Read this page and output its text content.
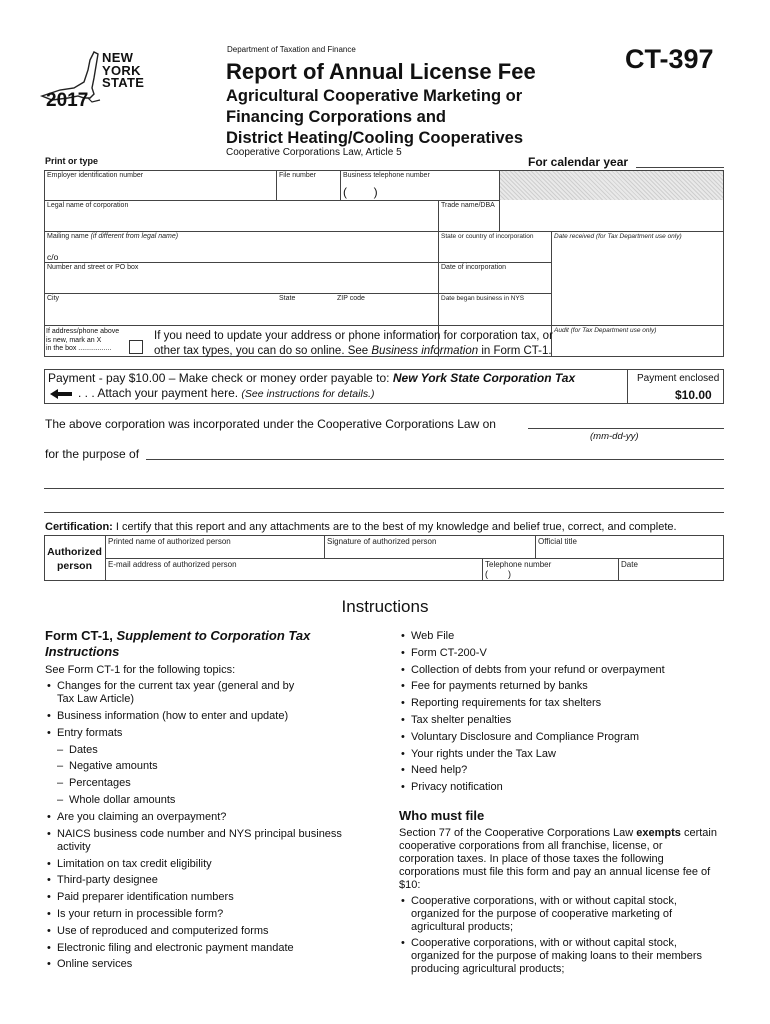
NEW
YORK
STATE
2017
Department of Taxation and Finance
Report of Annual License Fee
Agricultural Cooperative Marketing or
Financing Corporations and
District Heating/Cooling Cooperatives
Cooperative Corporations Law, Article 5
CT-397
Print or type	For calendar year
Employer identification number	File number	Business telephone number
(        )
Legal name of corporation	Trade name/DBA
Mailing name (if different from legal name)
c/o
State or country of incorporation	Date received (for Tax Department use only)
Number and street or PO box	Date of incorporation
City	State	ZIP code	Date began business in NYS
Audit (for Tax Department use only)
If address/phone above
is new, mark an X
in the box .................
If you need to update your address or phone information for corporation tax, or
other tax types, you can do so online. See Business information in Form CT-1.
Payment - pay $10.00 – Make check or money order payable to: New York State Corporation Tax
. . . Attach your payment here. (See instructions for details.)
Payment enclosed
$10.00
The above corporation was incorporated under the Cooperative Corporations Law on
(mm-dd-yy)
for the purpose of
Certification: I certify that this report and any attachments are to the best of my knowledge and belief true, correct, and complete.
Authorized
person
Printed name of authorized person	Signature of authorized person	Official title
E-mail address of authorized person	Telephone number
(        )
Date
Instructions
Form CT-1, Supplement to Corporation Tax
Instructions
See Form CT-1 for the following topics:
• Changes for the current tax year (general and by Tax Law Article)
• Business information (how to enter and update)
• Entry formats
– Dates
– Negative amounts
– Percentages
– Whole dollar amounts
• Are you claiming an overpayment?
• NAICS business code number and NYS principal business activity
• Limitation on tax credit eligibility
• Third-party designee
• Paid preparer identification numbers
• Is your return in processible form?
• Use of reproduced and computerized forms
• Electronic filing and electronic payment mandate
• Online services
• Web File
• Form CT-200-V
• Collection of debts from your refund or overpayment
• Fee for payments returned by banks
• Reporting requirements for tax shelters
• Tax shelter penalties
• Voluntary Disclosure and Compliance Program
• Your rights under the Tax Law
• Need help?
• Privacy notification
Who must file
Section 77 of the Cooperative Corporations Law exempts certain cooperative corporations from all franchise, license, or corporation taxes. In place of those taxes the following corporations must file this form and pay an annual license fee of $10:
• Cooperative corporations, with or without capital stock, organized for the purpose of cooperative marketing of agricultural products;
• Cooperative corporations, with or without capital stock, organized for the purpose of making loans to their members producing agricultural products;
